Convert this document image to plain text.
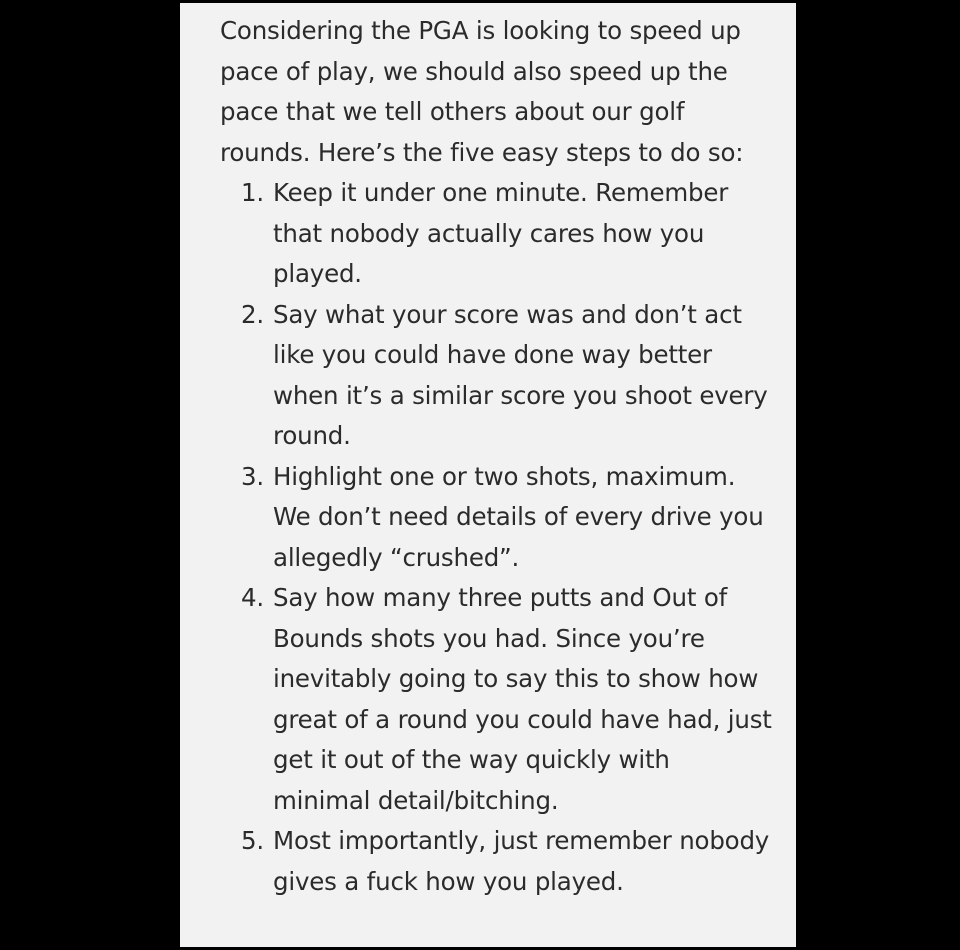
Considering the PGA is looking to speed up pace of play, we should also speed up the pace that we tell others about our golf rounds. Here’s the five easy steps to do so:

1. Keep it under one minute. Remember that nobody actually cares how you played.
2. Say what your score was and don’t act like you could have done way better when it’s a similar score you shoot every round.
3. Highlight one or two shots, maximum. We don’t need details of every drive you allegedly “crushed”.
4. Say how many three putts and Out of Bounds shots you had. Since you’re inevitably going to say this to show how great of a round you could have had, just get it out of the way quickly with minimal detail/bitching.
5. Most importantly, just remember nobody gives a fuck how you played.
